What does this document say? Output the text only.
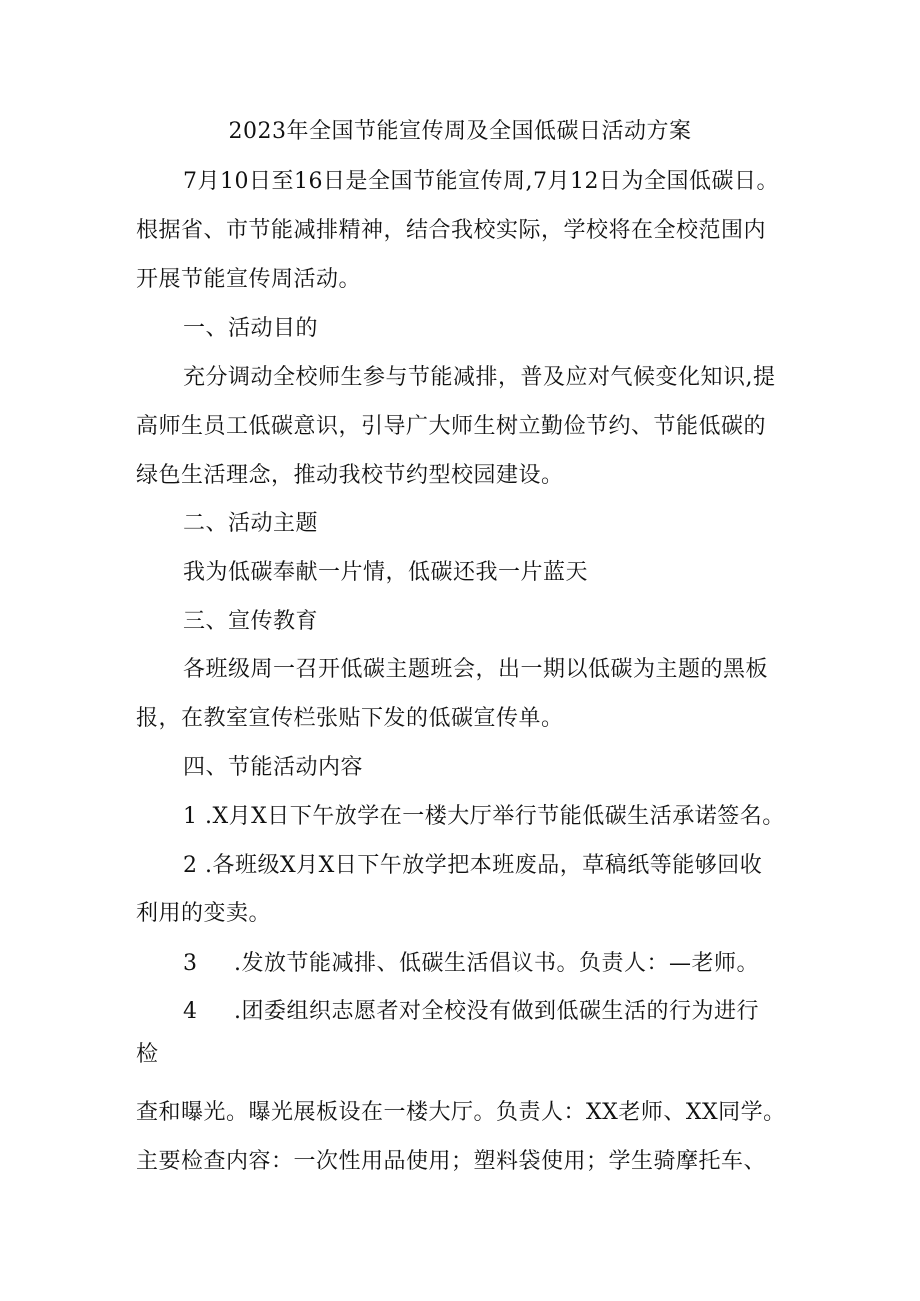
2023年全国节能宣传周及全国低碳日活动方案
7月10日至16日是全国节能宣传周,7月12日为全国低碳日。
根据省、市节能减排精神，结合我校实际，学校将在全校范围内
开展节能宣传周活动。
一、活动目的
充分调动全校师生参与节能减排，普及应对气候变化知识,提
高师生员工低碳意识，引导广大师生树立勤俭节约、节能低碳的
绿色生活理念，推动我校节约型校园建设。
二、活动主题
我为低碳奉献一片情，低碳还我一片蓝天
三、宣传教育
各班级周一召开低碳主题班会，出一期以低碳为主题的黑板
报，在教室宣传栏张贴下发的低碳宣传单。
四、节能活动内容
1 .X月X日下午放学在一楼大厅举行节能低碳生活承诺签名。
2 .各班级X月X日下午放学把本班废品，草稿纸等能够回收
利用的变卖。
3 .发放节能减排、低碳生活倡议书。负责人：—老师。
4 .团委组织志愿者对全校没有做到低碳生活的行为进行
检
查和曝光。曝光展板设在一楼大厅。负责人：XX老师、XX同学。
主要检查内容：一次性用品使用；塑料袋使用；学生骑摩托车、
